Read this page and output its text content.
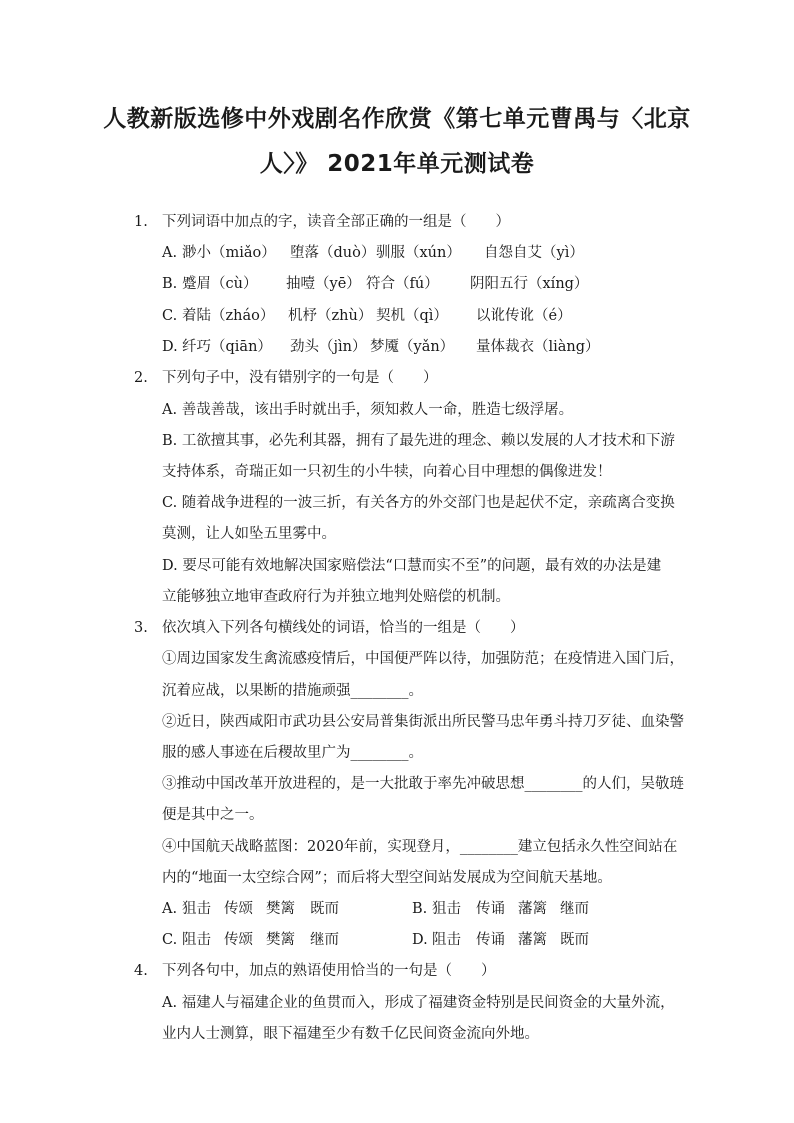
人教新版选修中外戏剧名作欣赏《第七单元曹禺与〈北京
人〉》 2021年单元测试卷
1. 下列词语中加点的字，读音全部正确的一组是（　　）
A. 渺小（miǎo） 堕落（duò） 驯服（xún） 自怨自艾（yì）
B. 蹙眉（cù） 抽噎（yē） 符合（fú） 阴阳五行（xíng）
C. 着陆（zháo） 机杼（zhù） 契机（qì） 以讹传讹（é）
D. 纤巧（qiān） 劲头（jìn） 梦魇（yǎn） 量体裁衣（liàng）
2. 下列句子中，没有错别字的一句是（　　）
A. 善哉善哉，该出手时就出手，须知救人一命，胜造七级浮屠。
B. 工欲擅其事，必先利其器，拥有了最先进的理念、赖以发展的人才技术和下游
支持体系，奇瑞正如一只初生的小牛犊，向着心目中理想的偶像进发！
C. 随着战争进程的一波三折，有关各方的外交部门也是起伏不定，亲疏离合变换
莫测，让人如坠五里雾中。
D. 要尽可能有效地解决国家赔偿法“口慧而实不至”的问题，最有效的办法是建
立能够独立地审查政府行为并独立地判处赔偿的机制。
3. 依次填入下列各句横线处的词语，恰当的一组是（　　）
①周边国家发生禽流感疫情后，中国便严阵以待，加强防范；在疫情进入国门后，
沉着应战，以果断的措施顽强________。
②近日，陕西咸阳市武功县公安局普集街派出所民警马忠年勇斗持刀歹徒、血染警
服的感人事迹在后稷故里广为________。
③推动中国改革开放进程的，是一大批敢于率先冲破思想________的人们，吴敬琏
便是其中之一。
④中国航天战略蓝图：2020年前，实现登月，________建立包括永久性空间站在
内的“地面一太空综合网”；而后将大型空间站发展成为空间航天基地。
A. 狙击 传颂 樊篱 既而	B. 狙击 传诵 藩篱 继而
C. 阻击 传颂 樊篱 继而	D. 阻击 传诵 藩篱 既而
4. 下列各句中，加点的熟语使用恰当的一句是（　　）
A. 福建人与福建企业的鱼贯而入，形成了福建资金特别是民间资金的大量外流，
业内人士测算，眼下福建至少有数千亿民间资金流向外地。
